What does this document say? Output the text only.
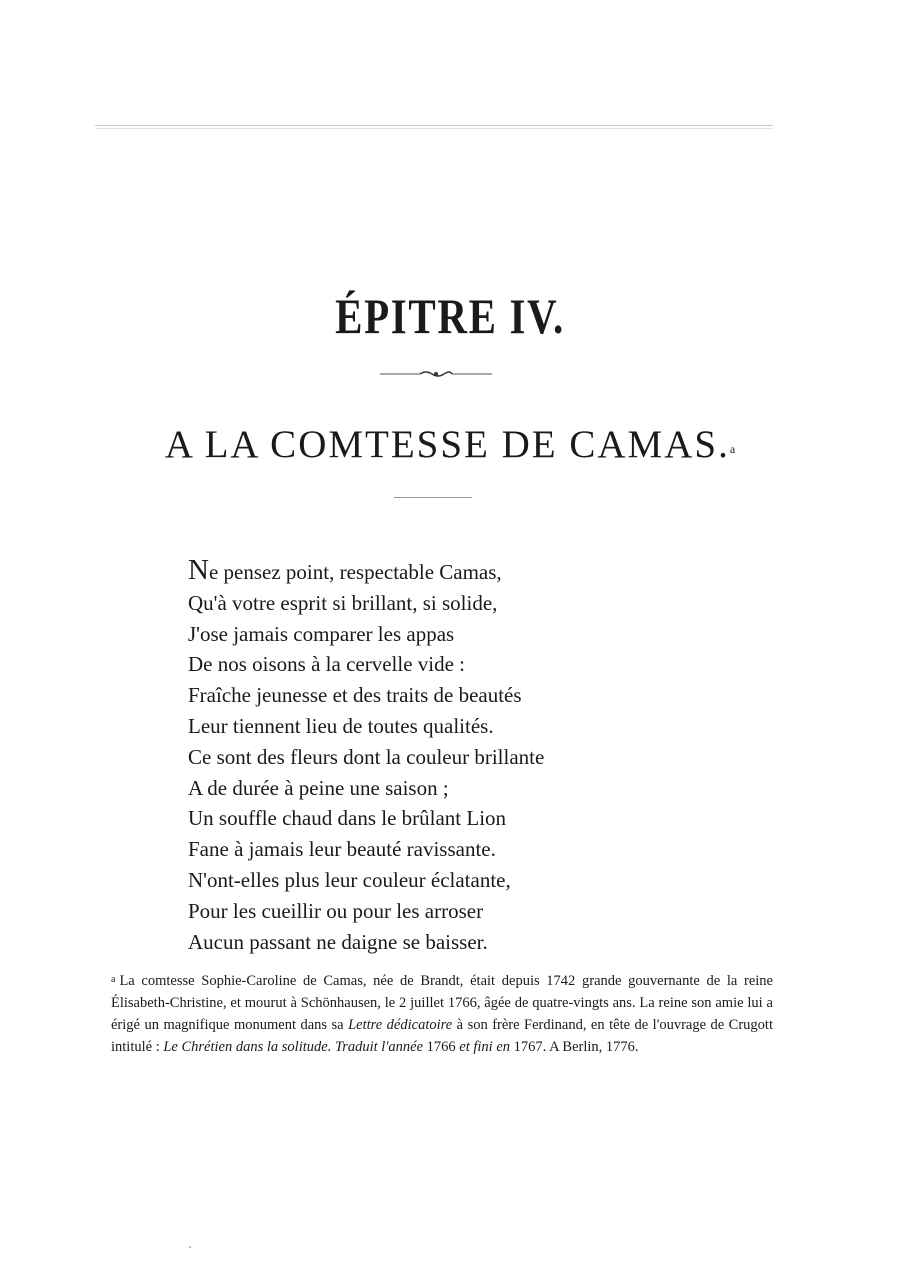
ÉPITRE IV.
A LA COMTESSE DE CAMAS.$^a$
Ne pensez point, respectable Camas,
Qu'à votre esprit si brillant, si solide,
J'ose jamais comparer les appas
De nos oisons à la cervelle vide :
Fraîche jeunesse et des traits de beautés
Leur tiennent lieu de toutes qualités.
Ce sont des fleurs dont la couleur brillante
A de durée à peine une saison ;
Un souffle chaud dans le brûlant Lion
Fane à jamais leur beauté ravissante.
N'ont-elles plus leur couleur éclatante,
Pour les cueillir ou pour les arroser
Aucun passant ne daigne se baisser.

$^a$ La comtesse Sophie-Caroline de Camas, née de Brandt, était depuis 1742 grande gouvernante de la reine Élisabeth-Christine, et mourut à Schönhausen, le 2 juillet 1766, âgée de quatre-vingts ans. La reine son amie lui a érigé un magnifique monument dans sa Lettre dédicatoire à son frère Ferdinand, en tête de l'ouvrage de Crugott intitulé : Le Chrétien dans la solitude. Traduit l'année 1766 et fini en 1767. A Berlin, 1776.
